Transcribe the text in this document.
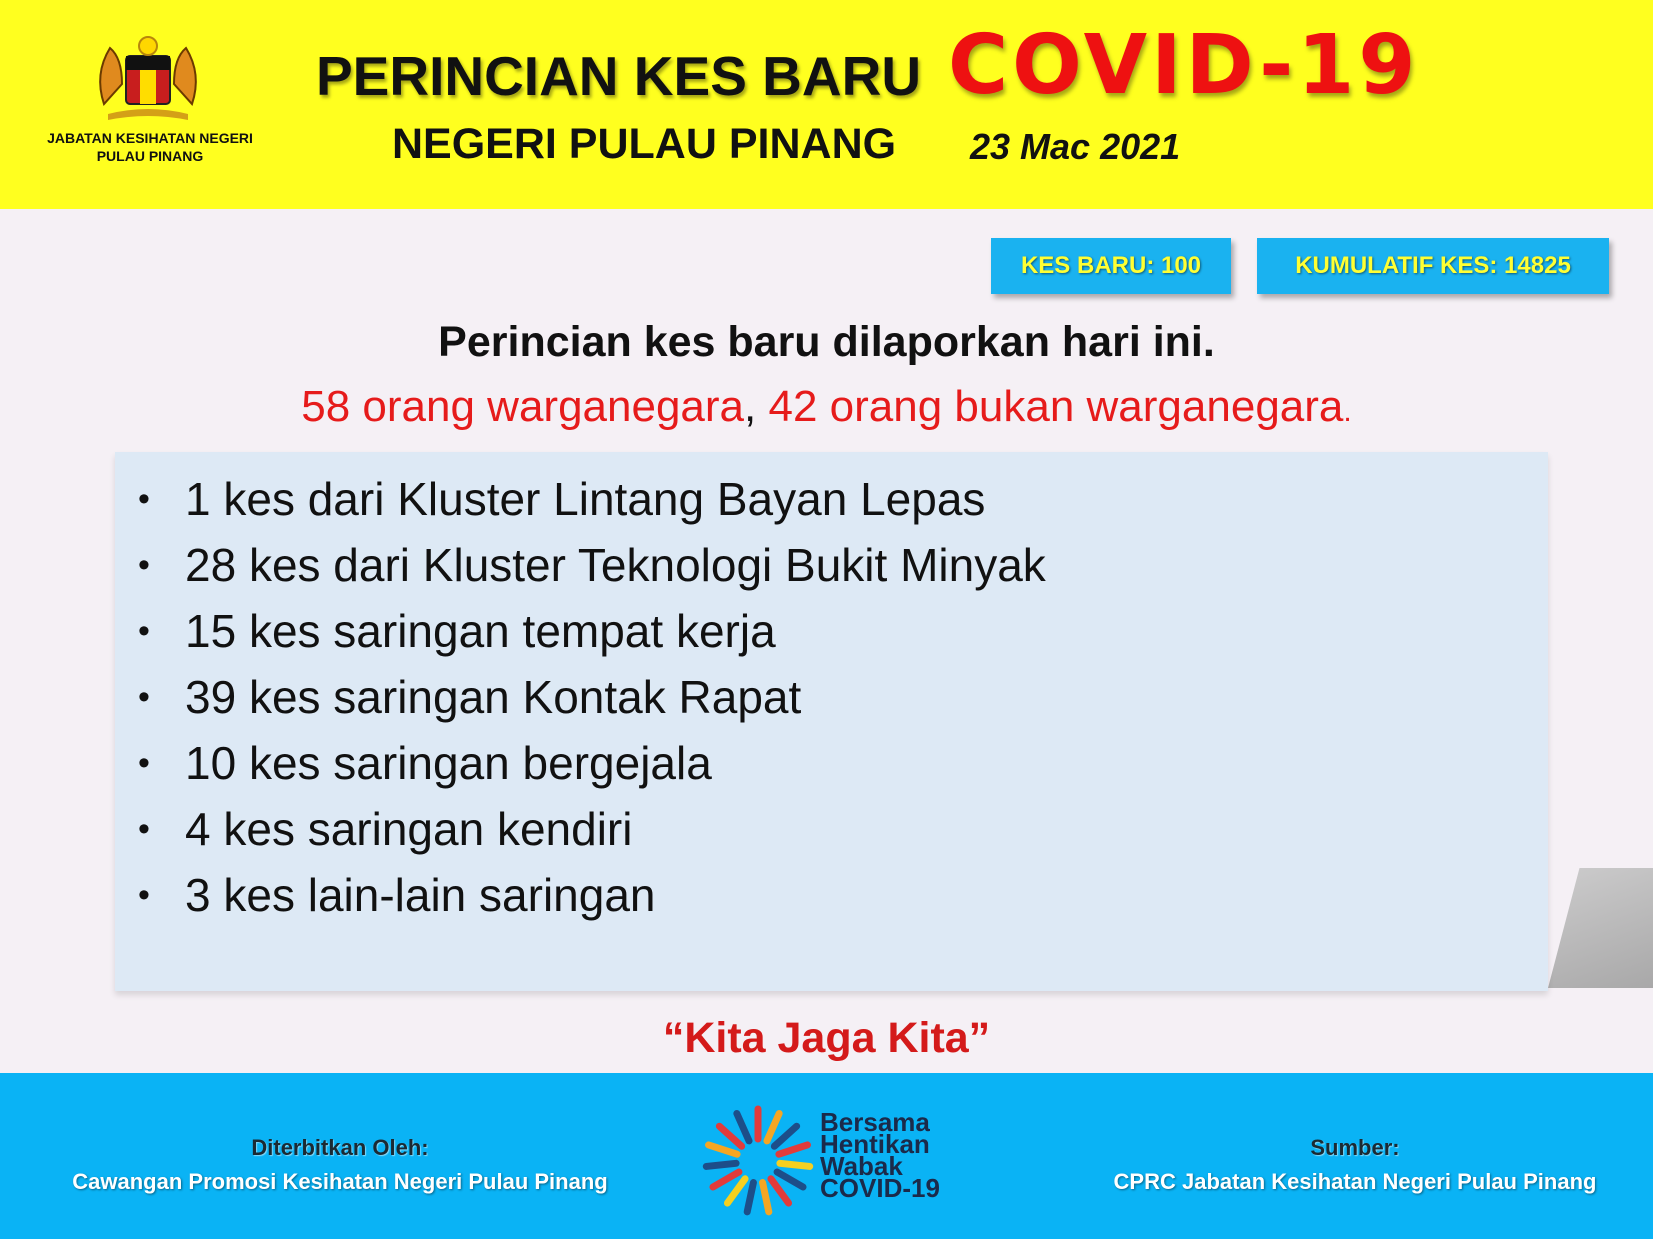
JABATAN KESIHATAN NEGERI
PULAU PINANG
PERINCIAN KES BARU COVID-19
NEGERI PULAU PINANG 23 Mac 2021
KES BARU: 100	KUMULATIF KES: 14825
Perincian kes baru dilaporkan hari ini.
58 orang warganegara, 42 orang bukan warganegara.
• 1 kes dari Kluster Lintang Bayan Lepas
• 28 kes dari Kluster Teknologi Bukit Minyak
• 15 kes saringan tempat kerja
• 39 kes saringan Kontak Rapat
• 10 kes saringan bergejala
• 4 kes saringan kendiri
• 3 kes lain-lain saringan
“Kita Jaga Kita”
Diterbitkan Oleh:
Cawangan Promosi Kesihatan Negeri Pulau Pinang
Bersama
Hentikan
Wabak
COVID-19
Sumber:
CPRC Jabatan Kesihatan Negeri Pulau Pinang
